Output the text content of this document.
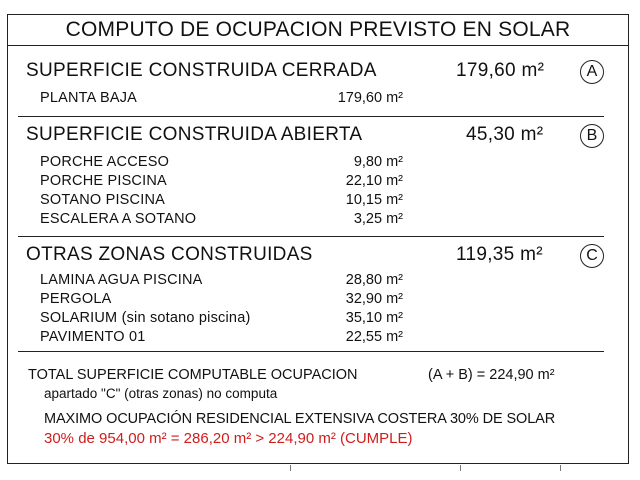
COMPUTO DE OCUPACION PREVISTO EN SOLAR
SUPERFICIE CONSTRUIDA CERRADA	179,60 m²	A
PLANTA BAJA	179,60 m²
SUPERFICIE CONSTRUIDA ABIERTA	45,30 m²	B
PORCHE ACCESO	9,80 m²
PORCHE PISCINA	22,10 m²
SOTANO PISCINA	10,15 m²
ESCALERA A SOTANO	3,25 m²
OTRAS ZONAS CONSTRUIDAS	119,35 m²	C
LAMINA AGUA PISCINA	28,80 m²
PERGOLA	32,90 m²
SOLARIUM (sin sotano piscina)	35,10 m²
PAVIMENTO 01	22,55 m²
TOTAL SUPERFICIE COMPUTABLE OCUPACION	(A + B) = 224,90 m²
apartado "C" (otras zonas) no computa
MAXIMO OCUPACIÓN RESIDENCIAL EXTENSIVA COSTERA 30% DE SOLAR
30% de 954,00 m² = 286,20 m² > 224,90 m² (CUMPLE)
